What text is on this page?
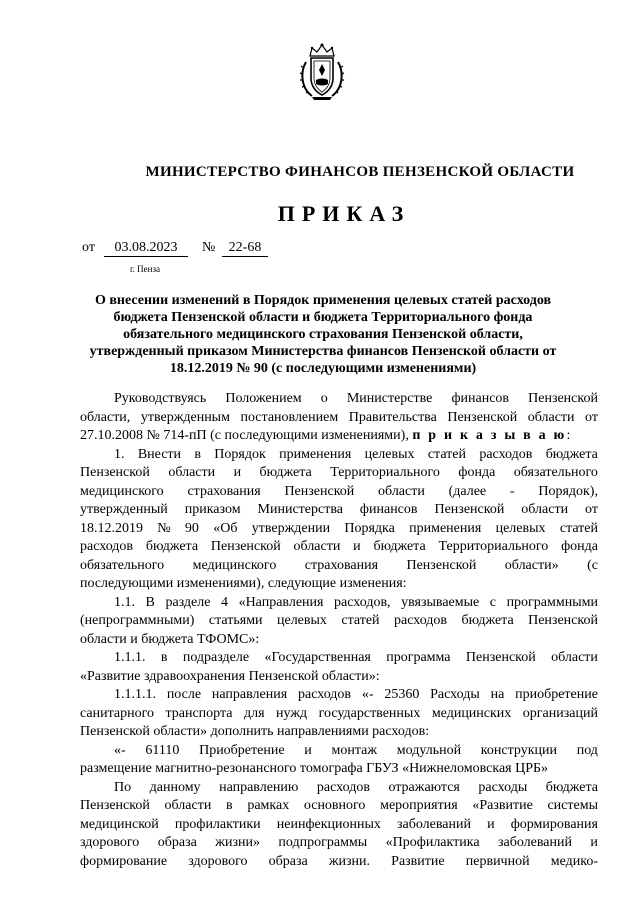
МИНИСТЕРСТВО ФИНАНСОВ ПЕНЗЕНСКОЙ ОБЛАСТИ
ПРИКАЗ
от	03.08.2023	№ 22-68
г. Пенза
О внесении изменений в Порядок применения целевых статей расходов
бюджета Пензенской области и бюджета Территориального фонда
обязательного медицинского страхования Пензенской области,
утвержденный приказом Министерства финансов Пензенской области от
18.12.2019 № 90 (с последующими изменениями)
Руководствуясь Положением о Министерстве финансов Пензенской
области, утвержденным постановлением Правительства Пензенской области от
27.10.2008 № 714-пП (с последующими изменениями),
п р и к а з ы в а ю :
1. Внести в Порядок применения целевых статей расходов бюджета
Пензенской области и бюджета Территориального фонда обязательного
медицинского страхования Пензенской области (далее - Порядок),
утвержденный приказом Министерства финансов Пензенской области от
18.12.2019 № 90 «Об утверждении Порядка применения целевых статей
расходов бюджета Пензенской области и бюджета Территориального фонда
обязательного медицинского страхования Пензенской области» (с
последующими изменениями), следующие изменения:
1.1. В разделе 4 «Направления расходов, увязываемые с программными
(непрограммными) статьями целевых статей расходов бюджета Пензенской
области и бюджета ТФОМС»:
1.1.1. в подразделе «Государственная программа Пензенской области
«Развитие здравоохранения Пензенской области»:
1.1.1.1. после направления расходов «- 25360 Расходы на приобретение
санитарного транспорта для нужд государственных медицинских организаций
Пензенской области» дополнить направлениями расходов:
«- 61110 Приобретение и монтаж модульной конструкции под
размещение магнитно-резонансного томографа ГБУЗ «Нижнеломовская ЦРБ»
По данному направлению расходов отражаются расходы бюджета
Пензенской области в рамках основного мероприятия «Развитие системы
медицинской профилактики неинфекционных заболеваний и формирования
здорового образа жизни» подпрограммы «Профилактика заболеваний и
формирование здорового образа жизни. Развитие первичной медико-
